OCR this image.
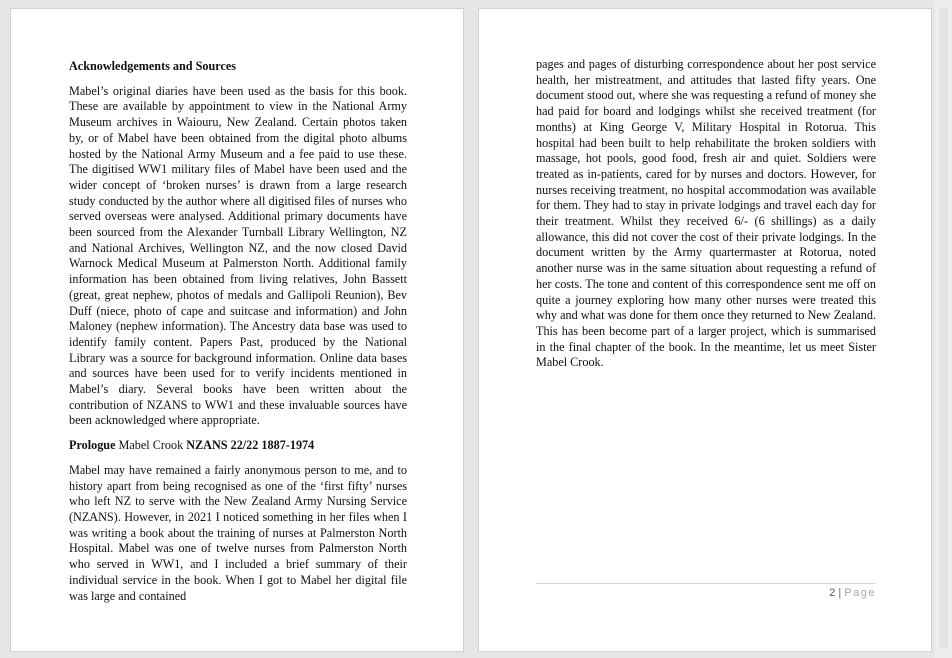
Acknowledgements and Sources

Mabel’s original diaries have been used as the basis for this book. These are available by appointment to view in the National Army Museum archives in Waiouru, New Zealand. Certain photos taken by, or of Mabel have been obtained from the digital photo albums hosted by the National Army Museum and a fee paid to use these. The digitised WW1 military files of Mabel have been used and the wider concept of ‘broken nurses’ is drawn from a large research study conducted by the author where all digitised files of nurses who served overseas were analysed. Additional primary documents have been sourced from the Alexander Turnball Library Wellington, NZ and National Archives, Wellington NZ, and the now closed David Warnock Medical Museum at Palmerston North. Additional family information has been obtained from living relatives, John Bassett (great, great nephew, photos of medals and Gallipoli Reunion), Bev Duff (niece, photo of cape and suitcase and information) and John Maloney (nephew information). The Ancestry data base was used to identify family content. Papers Past, produced by the National Library was a source for background information. Online data bases and sources have been used for to verify incidents mentioned in Mabel’s diary. Several books have been written about the contribution of NZANS to WW1 and these invaluable sources have been acknowledged where appropriate.

Prologue Mabel Crook NZANS 22/22 1887-1974

Mabel may have remained a fairly anonymous person to me, and to history apart from being recognised as one of the ‘first fifty’ nurses who left NZ to serve with the New Zealand Army Nursing Service (NZANS). However, in 2021 I noticed something in her files when I was writing a book about the training of nurses at Palmerston North Hospital. Mabel was one of twelve nurses from Palmerston North who served in WW1, and I included a brief summary of their individual service in the book. When I got to Mabel her digital file was large and contained

pages and pages of disturbing correspondence about her post service health, her mistreatment, and attitudes that lasted fifty years. One document stood out, where she was requesting a refund of money she had paid for board and lodgings whilst she received treatment (for months) at King George V, Military Hospital in Rotorua. This hospital had been built to help rehabilitate the broken soldiers with massage, hot pools, good food, fresh air and quiet. Soldiers were treated as in-patients, cared for by nurses and doctors. However, for nurses receiving treatment, no hospital accommodation was available for them. They had to stay in private lodgings and travel each day for their treatment. Whilst they received 6/- (6 shillings) as a daily allowance, this did not cover the cost of their private lodgings. In the document written by the Army quartermaster at Rotorua, noted another nurse was in the same situation about requesting a refund of her costs. The tone and content of this correspondence sent me off on quite a journey exploring how many other nurses were treated this why and what was done for them once they returned to New Zealand. This has been become part of a larger project, which is summarised in the final chapter of the book. In the meantime, let us meet Sister Mabel Crook.

2 | Page
